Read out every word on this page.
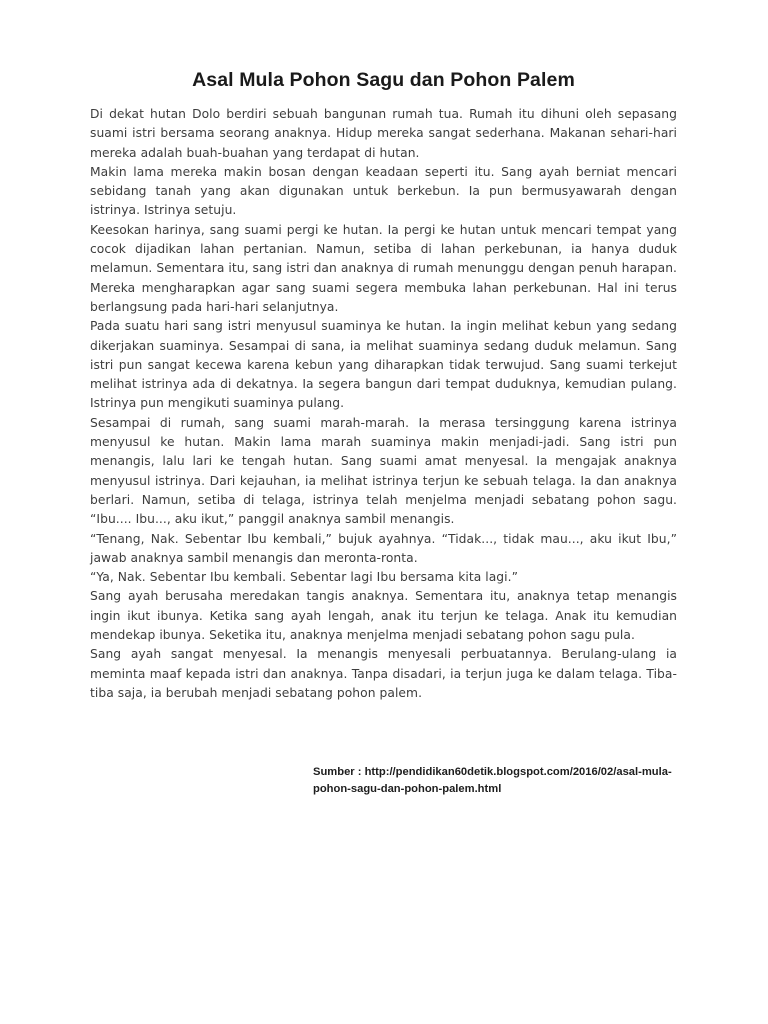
Asal Mula Pohon Sagu dan Pohon Palem

Di dekat hutan Dolo berdiri sebuah bangunan rumah tua. Rumah itu dihuni oleh sepasang suami istri bersama seorang anaknya. Hidup mereka sangat sederhana. Makanan sehari-hari mereka adalah buah-buahan yang terdapat di hutan.

Makin lama mereka makin bosan dengan keadaan seperti itu. Sang ayah berniat mencari sebidang tanah yang akan digunakan untuk berkebun. Ia pun bermusyawarah dengan istrinya. Istrinya setuju.

Keesokan harinya, sang suami pergi ke hutan. Ia pergi ke hutan untuk mencari tempat yang cocok dijadikan lahan pertanian. Namun, setiba di lahan perkebunan, ia hanya duduk melamun. Sementara itu, sang istri dan anaknya di rumah menunggu dengan penuh harapan. Mereka mengharapkan agar sang suami segera membuka lahan perkebunan. Hal ini terus berlangsung pada hari-hari selanjutnya.

Pada suatu hari sang istri menyusul suaminya ke hutan. Ia ingin melihat kebun yang sedang dikerjakan suaminya. Sesampai di sana, ia melihat suaminya sedang duduk melamun. Sang istri pun sangat kecewa karena kebun yang diharapkan tidak terwujud. Sang suami terkejut melihat istrinya ada di dekatnya. Ia segera bangun dari tempat duduknya, kemudian pulang. Istrinya pun mengikuti suaminya pulang.

Sesampai di rumah, sang suami marah-marah. Ia merasa tersinggung karena istrinya menyusul ke hutan. Makin lama marah suaminya makin menjadi-jadi. Sang istri pun menangis, lalu lari ke tengah hutan. Sang suami amat menyesal. Ia mengajak anaknya menyusul istrinya. Dari kejauhan, ia melihat istrinya terjun ke sebuah telaga. Ia dan anaknya berlari. Namun, setiba di telaga, istrinya telah menjelma menjadi sebatang pohon sagu. “Ibu.... Ibu..., aku ikut,” panggil anaknya sambil menangis.

“Tenang, Nak. Sebentar Ibu kembali,” bujuk ayahnya. “Tidak..., tidak mau..., aku ikut Ibu,” jawab anaknya sambil menangis dan meronta-ronta.

“Ya, Nak. Sebentar Ibu kembali. Sebentar lagi Ibu bersama kita lagi.”

Sang ayah berusaha meredakan tangis anaknya. Sementara itu, anaknya tetap menangis ingin ikut ibunya. Ketika sang ayah lengah, anak itu terjun ke telaga. Anak itu kemudian mendekap ibunya. Seketika itu, anaknya menjelma menjadi sebatang pohon sagu pula.

Sang ayah sangat menyesal. Ia menangis menyesali perbuatannya. Berulang-ulang ia meminta maaf kepada istri dan anaknya. Tanpa disadari, ia terjun juga ke dalam telaga. Tiba-tiba saja, ia berubah menjadi sebatang pohon palem.

Sumber : http://pendidikan60detik.blogspot.com/2016/02/asal-mula-pohon-sagu-dan-pohon-palem.html
